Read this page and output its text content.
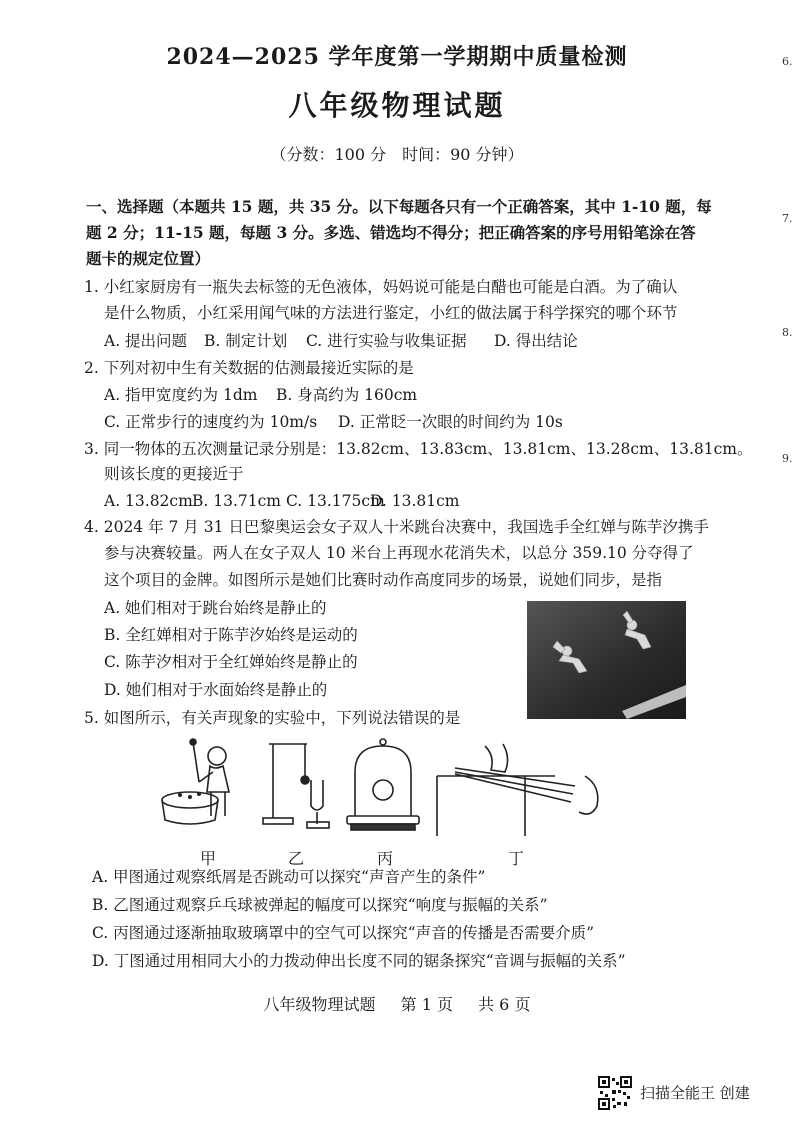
2024—2025 学年度第一学期期中质量检测
八年级物理试题
（分数：100 分　时间：90 分钟）
6.
7.
8.
9.
一、选择题（本题共 15 题，共 35 分。以下每题各只有一个正确答案，其中 1-10 题，每
题 2 分；11-15 题，每题 3 分。多选、错选均不得分；把正确答案的序号用铅笔涂在答
题卡的规定位置）
1. 小红家厨房有一瓶失去标签的无色液体，妈妈说可能是白醋也可能是白酒。为了确认
是什么物质，小红采用闻气味的方法进行鉴定，小红的做法属于科学探究的哪个环节
A. 提出问题 B. 制定计划 C. 进行实验与收集证据 D. 得出结论
2. 下列对初中生有关数据的估测最接近实际的是
A. 指甲宽度约为 1dm B. 身高约为 160cm
C. 正常步行的速度约为 10m/s D. 正常眨一次眼的时间约为 10s
3. 同一物体的五次测量记录分别是：13.82cm、13.83cm、13.81cm、13.28cm、13.81cm。
则该长度的更接近于
A. 13.82cm B. 13.71cm C. 13.175cm
D. 13.81cm
4. 2024 年 7 月 31 日巴黎奥运会女子双人十米跳台决赛中，我国选手全红婵与陈芋汐携手
参与决赛较量。两人在女子双人 10 米台上再现水花消失术，以总分 359.10 分夺得了
这个项目的金牌。如图所示是她们比赛时动作高度同步的场景，说她们同步，是指
A. 她们相对于跳台始终是静止的
B. 全红婵相对于陈芋汐始终是运动的
C. 陈芋汐相对于全红婵始终是静止的
D. 她们相对于水面始终是静止的
5. 如图所示，有关声现象的实验中，下列说法错误的是
甲	乙	丙	丁
A. 甲图通过观察纸屑是否跳动可以探究“声音产生的条件”
B. 乙图通过观察乒乓球被弹起的幅度可以探究“响度与振幅的关系”
C. 丙图通过逐渐抽取玻璃罩中的空气可以探究“声音的传播是否需要介质”
D. 丁图通过用相同大小的力拨动伸出长度不同的锯条探究“音调与振幅的关系”
八年级物理试题 第 1 页 共 6 页
扫描全能王 创建
